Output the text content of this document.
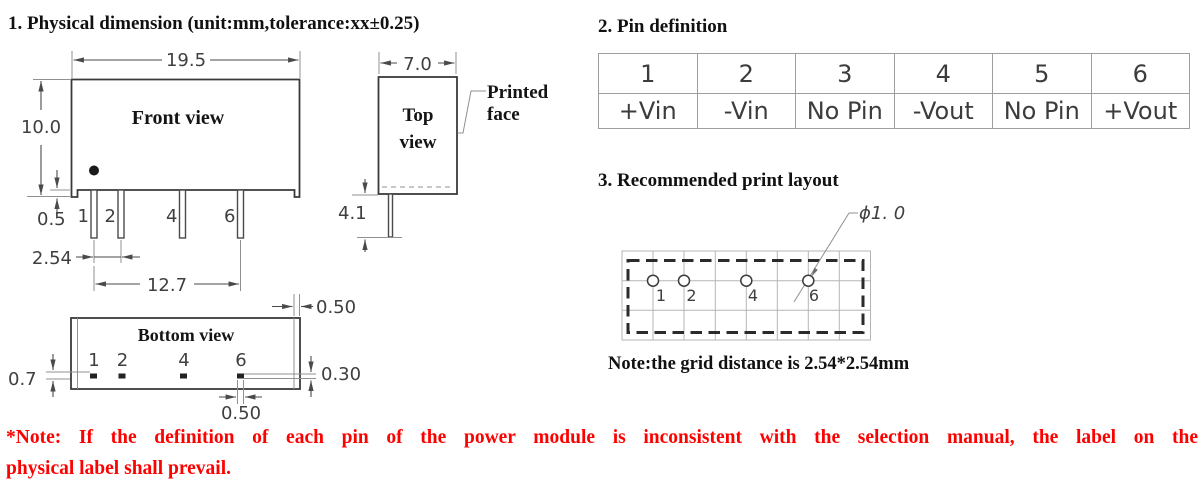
1. Physical dimension (unit:mm,tolerance:xx±0.25)	2. Pin definition
3. Recommended print layout
1	2	3	4	5	6
+Vin	-Vin	No Pin	-Vout	No Pin	+Vout
Note:the grid distance is 2.54*2.54mm
*Note: If the definition of each pin of the power module is inconsistent with the selection manual, the label on the
physical label shall prevail.
Front view
1 2	4	6
19.5
10.0
0.5
2.54
12.7
Top
view
7.0
Printed
face
4.1
Bottom view
1 2	4	6
0.50
0.7	0.30
0.50
1 2	4	6
ϕ1. 0
